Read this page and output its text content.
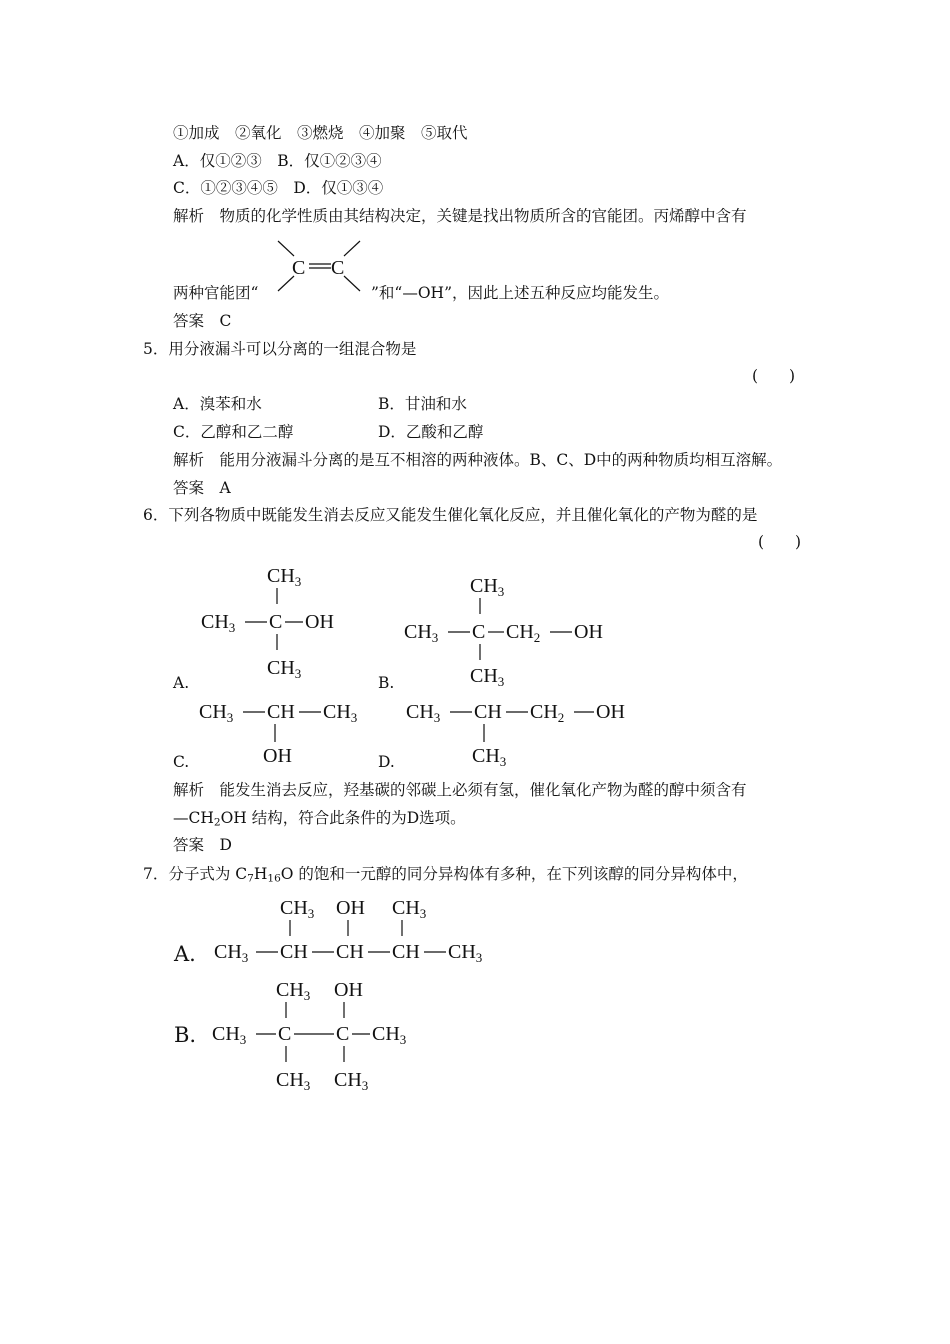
①加成　②氧化　③燃烧　④加聚　⑤取代
A．仅①②③　B．仅①②③④
C．①②③④⑤　D．仅①③④
解析　物质的化学性质由其结构决定，关键是找出物质所含的官能团。丙烯醇中含有
C C
两种官能团“	”和“—OH”，因此上述五种反应均能发生。
答案　C
5．用分液漏斗可以分离的一组混合物是
(　　)
A．溴苯和水	B．甘油和水
C．乙醇和乙二醇	D．乙酸和乙醇
解析　能用分液漏斗分离的是互不相溶的两种液体。B、C、D中的两种物质均相互溶解。
答案　A
6．下列各物质中既能发生消去反应又能发生催化氧化反应，并且催化氧化的产物为醛的是
(　　)
$CH_3$
$CH_3$ C OH
$CH_3$
A.
$CH_3$
$CH_3$ C $CH_2$ OH
$CH_3$
B.
$CH_3$ CH $CH_3$
OH
C.
$CH_3$ CH $CH_2$ OH
$CH_3$
D.
解析　能发生消去反应，羟基碳的邻碳上必须有氢，催化氧化产物为醛的醇中须含有
$—CH_2OH$ 结构，符合此条件的为D选项。
答案　D
7．分子式为 $C_7H_{16}O$ 的饱和一元醇的同分异构体有多种，在下列该醇的同分异构体中，
A.
$CH_3$ OH $CH_3$
$CH_3$ CH CH CH $CH_3$
B.
$CH_3$ OH
$CH_3$ C C $CH_3$
$CH_3$ $CH_3$
